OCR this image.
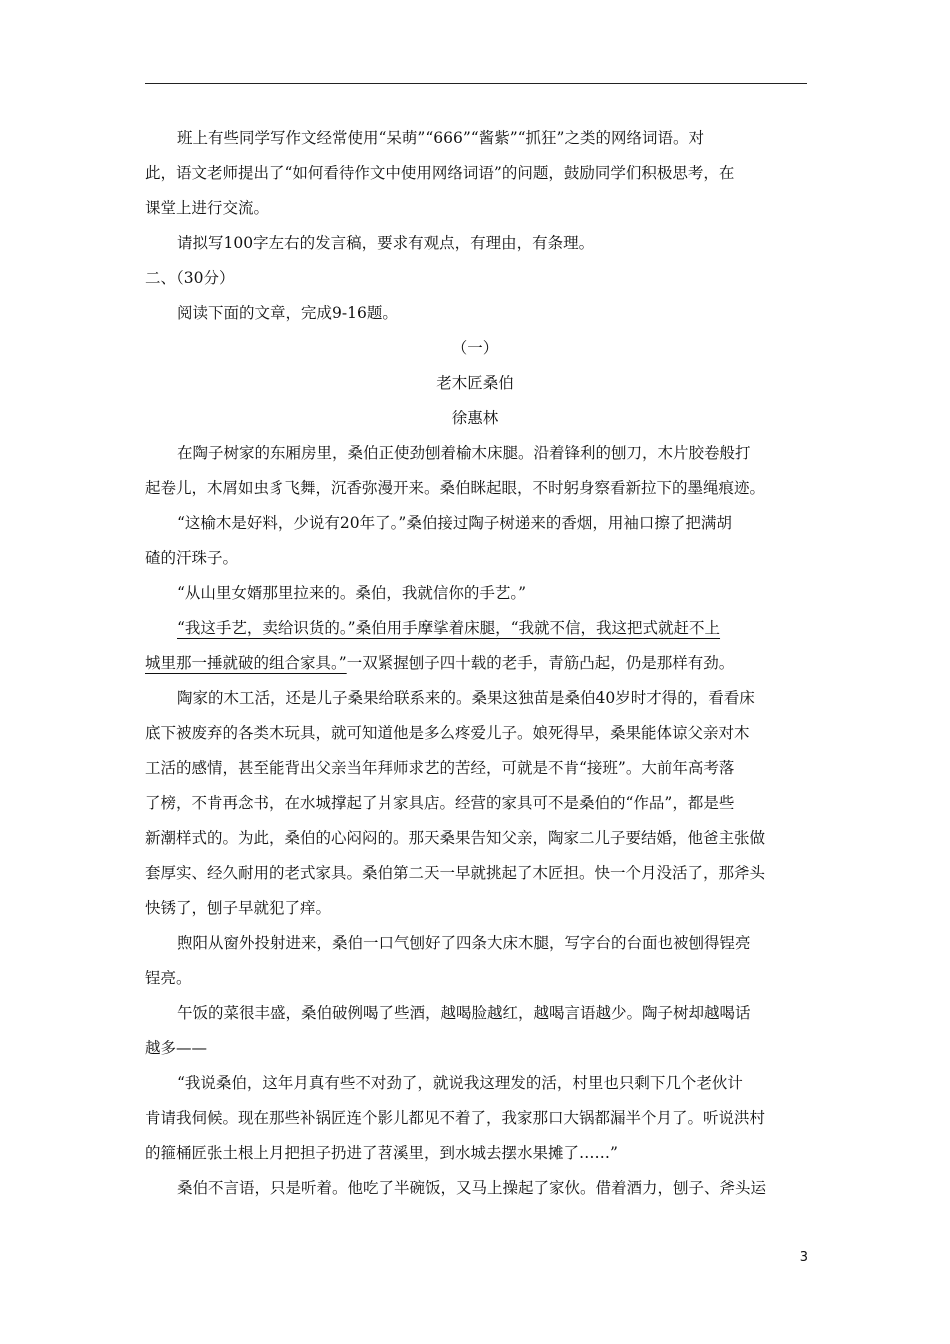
班上有些同学写作文经常使用“呆萌”“666”“酱紫”“抓狂”之类的网络词语。对
此，语文老师提出了“如何看待作文中使用网络词语”的问题，鼓励同学们积极思考，在
课堂上进行交流。
请拟写100字左右的发言稿，要求有观点，有理由，有条理。
二、（30分）
阅读下面的文章，完成9-16题。
（一）
老木匠桑伯
徐惠林
在陶子树家的东厢房里，桑伯正使劲刨着榆木床腿。沿着锋利的刨刀，木片胶卷般打
起卷儿，木屑如虫豸飞舞，沉香弥漫开来。桑伯眯起眼，不时躬身察看新拉下的墨绳痕迹。
“这榆木是好料，少说有20年了。”桑伯接过陶子树递来的香烟，用袖口擦了把满胡
碴的汗珠子。
“从山里女婿那里拉来的。桑伯，我就信你的手艺。”
“我这手艺，卖给识货的。”桑伯用手摩挲着床腿，“我就不信，我这把式就赶不上
城里那一捶就破的组合家具。”一双紧握刨子四十载的老手，青筋凸起，仍是那样有劲。
陶家的木工活，还是儿子桑果给联系来的。桑果这独苗是桑伯40岁时才得的，看看床
底下被废弃的各类木玩具，就可知道他是多么疼爱儿子。娘死得早，桑果能体谅父亲对木
工活的感情，甚至能背出父亲当年拜师求艺的苦经，可就是不肯“接班”。大前年高考落
了榜，不肯再念书，在水城撑起了爿家具店。经营的家具可不是桑伯的“作品”，都是些
新潮样式的。为此，桑伯的心闷闷的。那天桑果告知父亲，陶家二儿子要结婚，他爸主张做
套厚实、经久耐用的老式家具。桑伯第二天一早就挑起了木匠担。快一个月没活了，那斧头
快锈了，刨子早就犯了痒。
煦阳从窗外投射进来，桑伯一口气刨好了四条大床木腿，写字台的台面也被刨得锃亮
锃亮。
午饭的菜很丰盛，桑伯破例喝了些酒，越喝脸越红，越喝言语越少。陶子树却越喝话
越多——
“我说桑伯，这年月真有些不对劲了，就说我这理发的活，村里也只剩下几个老伙计
肯请我伺候。现在那些补锅匠连个影儿都见不着了，我家那口大锅都漏半个月了。听说洪村
的箍桶匠张土根上月把担子扔进了苕溪里，到水城去摆水果摊了……”
桑伯不言语，只是听着。他吃了半碗饭，又马上操起了家伙。借着酒力，刨子、斧头运
3
